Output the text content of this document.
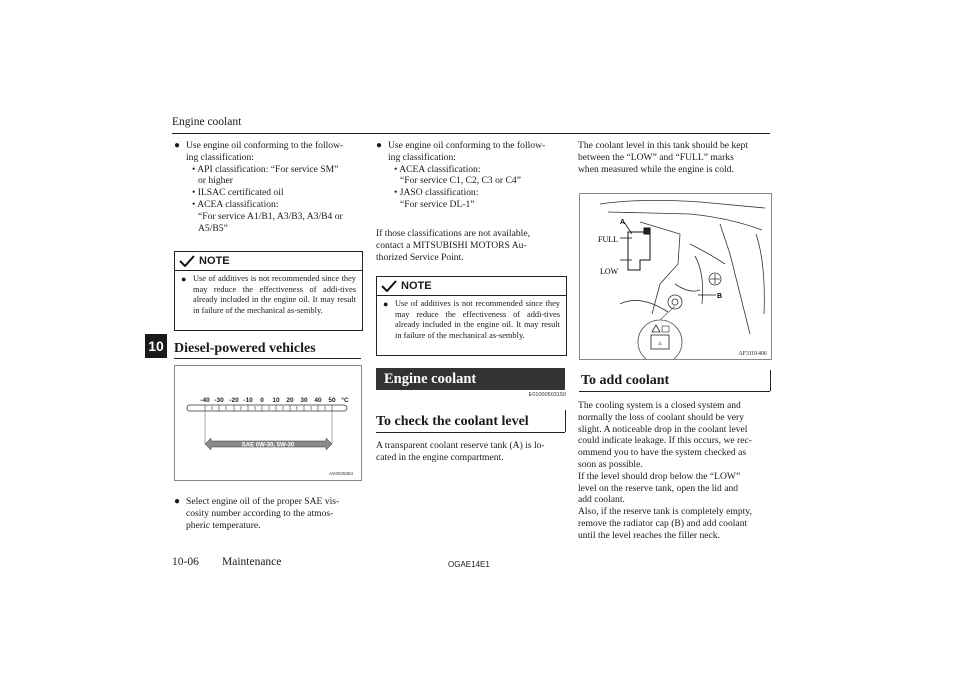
Engine coolant
10
● Use engine oil conforming to the follow-
ing classification:
• API classification: “For service SM”
or higher
• ILSAC certificated oil
• ACEA classification:
“For service A1/B1, A3/B3, A3/B4 or
A5/B5”
NOTE
● Use of additives is not recommended since they may reduce the effectiveness of addi-tives already included in the engine oil. It may result in failure of the mechanical as-sembly.
Diesel-powered vehicles
-40 -30 -20 -10 0 10 20 30 40 50 °C
SAE 0W-30, 5W-30
AG0025384
● Select engine oil of the proper SAE vis-
cosity number according to the atmos-
pheric temperature.
● Use engine oil conforming to the follow-
ing classification:
• ACEA classification:
“For service C1, C2, C3 or C4”
• JASO classification:
“For service DL-1”
If those classifications are not available,
contact a MITSUBISHI MOTORS Au-
thorized Service Point.
NOTE
● Use of additives is not recommended since they may reduce the effectiveness of addi-tives already included in the engine oil. It may result in failure of the mechanical as-sembly.
Engine coolant
E01000503150
To check the coolant level
A transparent coolant reserve tank (A) is lo-
cated in the engine compartment.
The coolant level in this tank should be kept
between the “LOW” and “FULL” marks
when measured while the engine is cold.
A
B
FULL
LOW
⚠
AF3101406
To add coolant
The cooling system is a closed system and
normally the loss of coolant should be very
slight. A noticeable drop in the coolant level
could indicate leakage. If this occurs, we rec-
ommend you to have the system checked as
soon as possible.
If the level should drop below the “LOW”
level on the reserve tank, open the lid and
add coolant.
Also, if the reserve tank is completely empty,
remove the radiator cap (B) and add coolant
until the level reaches the filler neck.
10-06 Maintenance	OGAE14E1
